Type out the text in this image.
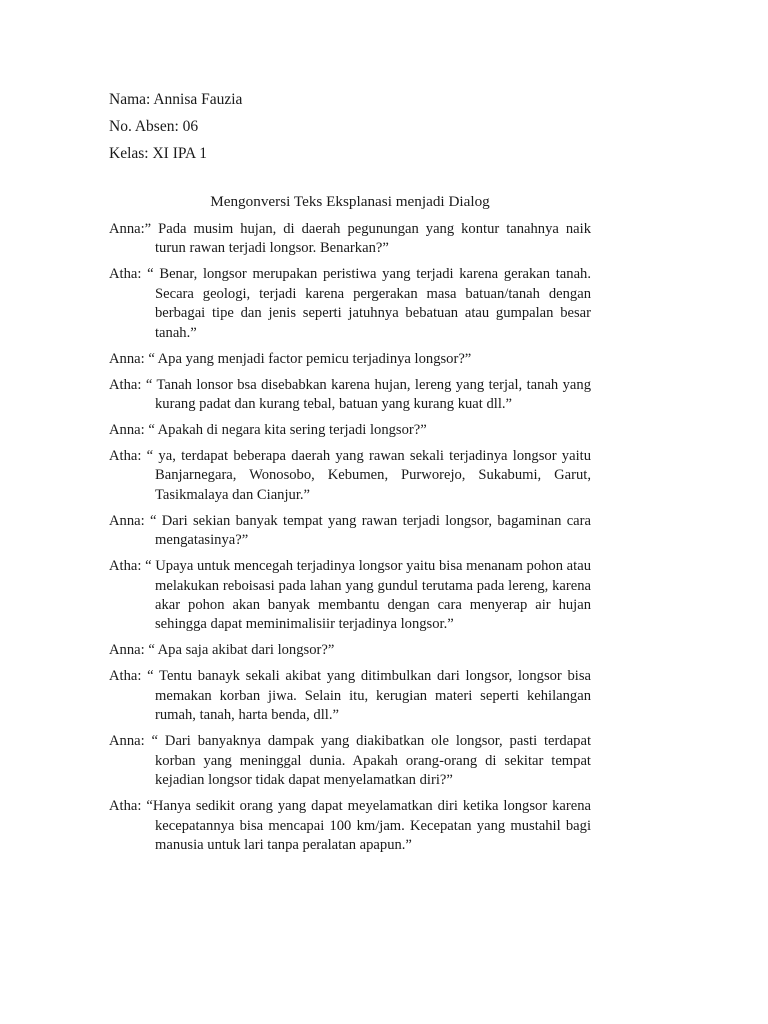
Nama: Annisa Fauzia
No. Absen: 06
Kelas: XI IPA 1
Mengonversi Teks Eksplanasi menjadi Dialog

Anna:” Pada musim hujan, di daerah pegunungan yang kontur tanahnya naik turun rawan terjadi longsor. Benarkan?”

Atha: “ Benar, longsor merupakan peristiwa yang terjadi karena gerakan tanah. Secara geologi, terjadi karena pergerakan masa batuan/tanah dengan berbagai tipe dan jenis seperti jatuhnya bebatuan atau gumpalan besar tanah.”

Anna: “ Apa yang menjadi factor pemicu terjadinya longsor?”

Atha: “ Tanah lonsor bsa disebabkan karena hujan, lereng yang terjal, tanah yang kurang padat dan kurang tebal, batuan yang kurang kuat dll.”

Anna: “ Apakah di negara kita sering terjadi longsor?”

Atha: “ ya, terdapat beberapa daerah yang rawan sekali terjadinya longsor yaitu Banjarnegara, Wonosobo, Kebumen, Purworejo, Sukabumi, Garut, Tasikmalaya dan Cianjur.”

Anna: “ Dari sekian banyak tempat yang rawan terjadi longsor, bagaminan cara mengatasinya?”

Atha: “ Upaya untuk mencegah terjadinya longsor yaitu bisa menanam pohon atau melakukan reboisasi pada lahan yang gundul terutama pada lereng, karena akar pohon akan banyak membantu dengan cara menyerap air hujan sehingga dapat meminimalisiir terjadinya longsor.”

Anna: “ Apa saja akibat dari longsor?”

Atha: “ Tentu banayk sekali akibat yang ditimbulkan dari longsor, longsor bisa memakan korban jiwa. Selain itu, kerugian materi seperti kehilangan rumah, tanah, harta benda, dll.”

Anna: “ Dari banyaknya dampak yang diakibatkan ole longsor, pasti terdapat korban yang meninggal dunia. Apakah orang-orang di sekitar tempat kejadian longsor tidak dapat menyelamatkan diri?”

Atha: “Hanya sedikit orang yang dapat meyelamatkan diri ketika longsor karena kecepatannya bisa mencapai 100 km/jam. Kecepatan yang mustahil bagi manusia untuk lari tanpa peralatan apapun.”
